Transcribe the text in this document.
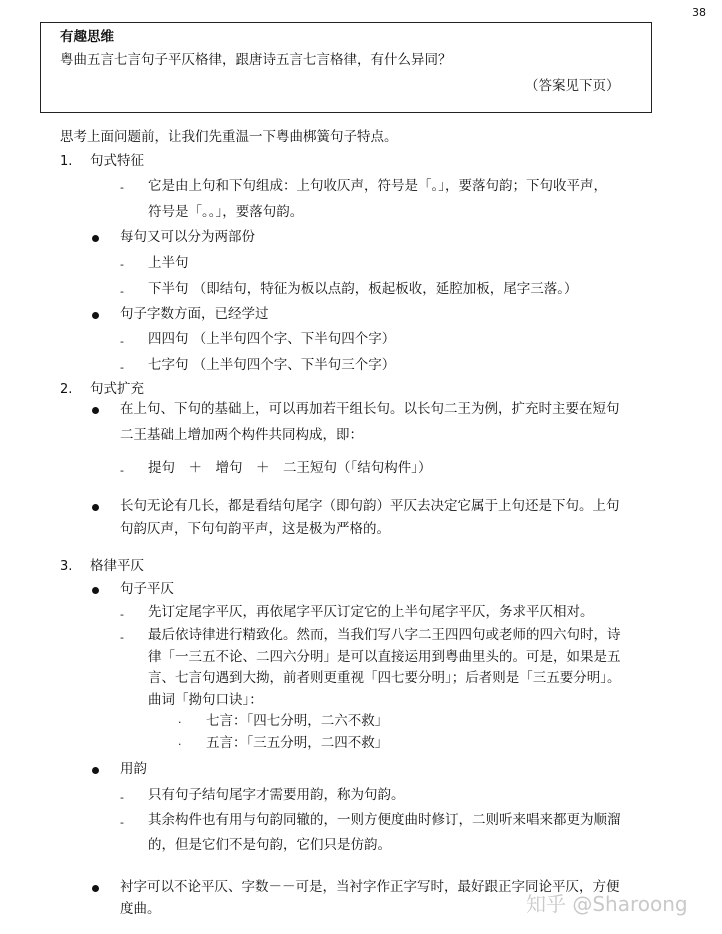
38
有趣思维
粤曲五言七言句子平仄格律，跟唐诗五言七言格律，有什么异同？
（答案见下页）
思考上面问题前，让我们先重温一下粤曲梆簧句子特点。
1. 句式特征
- 它是由上句和下句组成：上句收仄声，符号是「。」，要落句韵；下句收平声，
符号是「。。」，要落句韵。
每句又可以分为两部份
- 上半句
- 下半句 （即结句，特征为板以点韵，板起板收，延腔加板，尾字三落。）
句子字数方面，已经学过
- 四四句 （上半句四个字、下半句四个字）
- 七字句 （上半句四个字、下半句三个字）
2. 句式扩充
在上句、下句的基础上，可以再加若干组长句。以长句二王为例，扩充时主要在短句
二王基础上增加两个构件共同构成，即：
- 提句　＋　增句　＋　二王短句（「结句构件」）
长句无论有几长，都是看结句尾字（即句韵）平仄去决定它属于上句还是下句。上句
句韵仄声，下句句韵平声，这是极为严格的。
3. 格律平仄
句子平仄
- 先订定尾字平仄，再依尾字平仄订定它的上半句尾字平仄，务求平仄相对。
- 最后依诗律进行精致化。然而，当我们写八字二王四四句或老师的四六句时，诗
律「一三五不论、二四六分明」是可以直接运用到粤曲里头的。可是，如果是五
言、七言句遇到大拗，前者则更重视「四七要分明」；后者则是「三五要分明」。
曲词「拗句口诀」：
· 七言：「四七分明，二六不救」
· 五言：「三五分明，二四不救」
用韵
- 只有句子结句尾字才需要用韵，称为句韵。
- 其余构件也有用与句韵同辙的，一则方便度曲时修订，二则听来唱来都更为顺溜
的，但是它们不是句韵，它们只是仿韵。
衬字可以不论平仄、字数－－可是，当衬字作正字写时，最好跟正字同论平仄，方便
度曲。	知乎 @Sharoong
